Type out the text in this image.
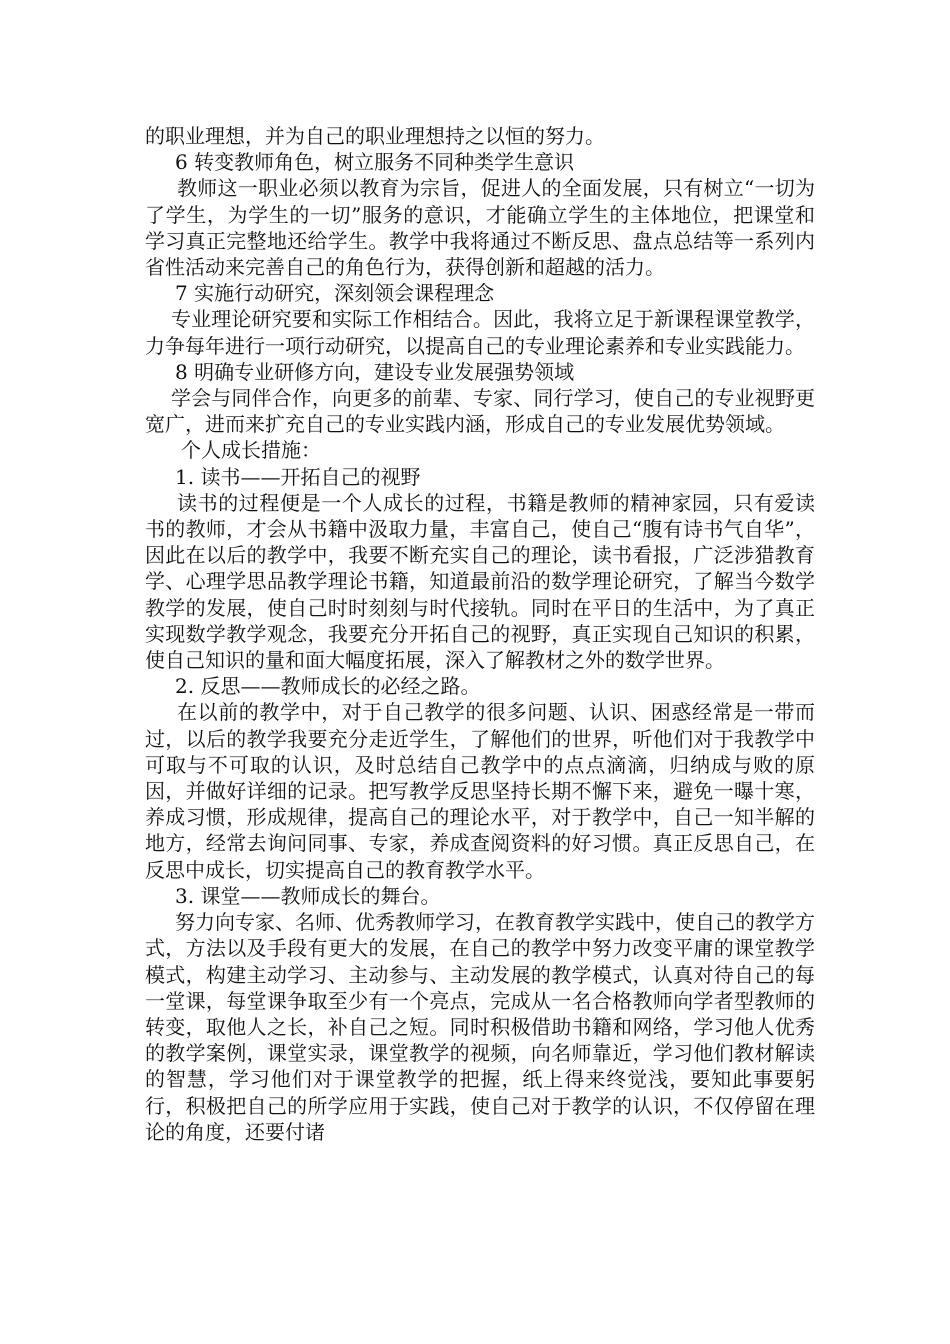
的职业理想，并为自己的职业理想持之以恒的努力。

6 转变教师角色，树立服务不同种类学生意识

教师这一职业必须以教育为宗旨，促进人的全面发展，只有树立“一切为了学生，为学生的一切”服务的意识，才能确立学生的主体地位，把课堂和学习真正完整地还给学生。教学中我将通过不断反思、盘点总结等一系列内省性活动来完善自己的角色行为，获得创新和超越的活力。

7 实施行动研究，深刻领会课程理念

专业理论研究要和实际工作相结合。因此，我将立足于新课程课堂教学，力争每年进行一项行动研究，以提高自己的专业理论素养和专业实践能力。

8 明确专业研修方向，建设专业发展强势领域

学会与同伴合作，向更多的前辈、专家、同行学习，使自己的专业视野更宽广，进而来扩充自己的专业实践内涵，形成自己的专业发展优势领域。

个人成长措施：

1. 读书——开拓自己的视野

读书的过程便是一个人成长的过程，书籍是教师的精神家园，只有爱读书的教师，才会从书籍中汲取力量，丰富自己，使自己“腹有诗书气自华”，因此在以后的教学中，我要不断充实自己的理论，读书看报，广泛涉猎教育学、心理学思品教学理论书籍，知道最前沿的数学理论研究，了解当今数学教学的发展，使自己时时刻刻与时代接轨。同时在平日的生活中，为了真正实现数学教学观念，我要充分开拓自己的视野，真正实现自己知识的积累，使自己知识的量和面大幅度拓展，深入了解教材之外的数学世界。

2. 反思——教师成长的必经之路。

在以前的教学中，对于自己教学的很多问题、认识、困惑经常是一带而过，以后的教学我要充分走近学生，了解他们的世界，听他们对于我教学中可取与不可取的认识，及时总结自己教学中的点点滴滴，归纳成与败的原因，并做好详细的记录。把写教学反思坚持长期不懈下来，避免一曝十寒，养成习惯，形成规律，提高自己的理论水平，对于教学中，自己一知半解的地方，经常去询问同事、专家，养成查阅资料的好习惯。真正反思自己，在反思中成长，切实提高自己的教育教学水平。

3. 课堂——教师成长的舞台。

努力向专家、名师、优秀教师学习，在教育教学实践中，使自己的教学方式，方法以及手段有更大的发展，在自己的教学中努力改变平庸的课堂教学模式，构建主动学习、主动参与、主动发展的教学模式，认真对待自己的每一堂课，每堂课争取至少有一个亮点，完成从一名合格教师向学者型教师的转变，取他人之长，补自己之短。同时积极借助书籍和网络，学习他人优秀的教学案例，课堂实录，课堂教学的视频，向名师靠近，学习他们教材解读的智慧，学习他们对于课堂教学的把握，纸上得来终觉浅，要知此事要躬行，积极把自己的所学应用于实践，使自己对于教学的认识，不仅停留在理论的角度，还要付诸
